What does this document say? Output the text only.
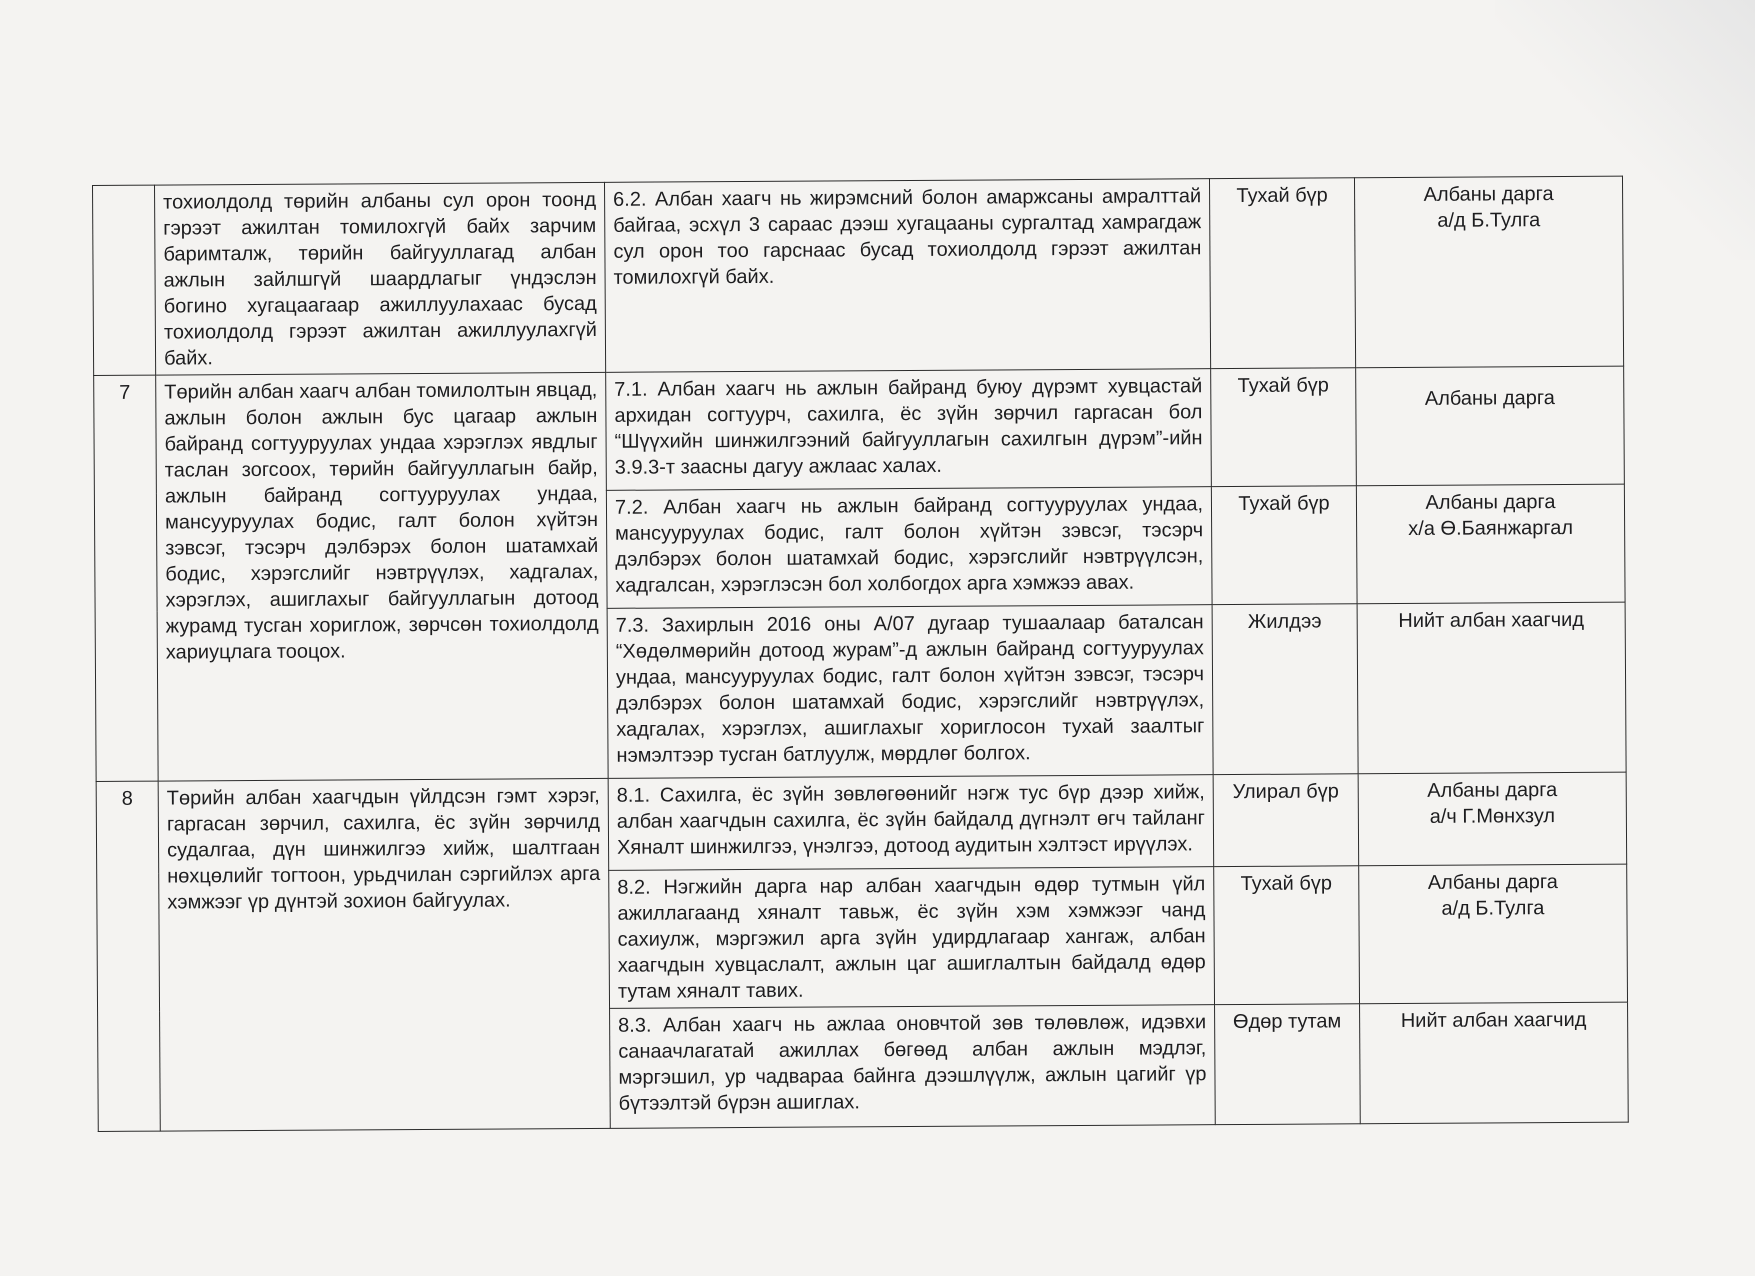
	тохиолдолд төрийн албаны сул орон тоонд гэрээт ажилтан томилохгүй байх зарчим баримталж, төрийн байгууллагад албан ажлын зайлшгүй шаардлагыг үндэслэн богино хугацаагаар ажиллуулахаас бусад тохиолдолд гэрээт ажилтан ажиллуулахгүй байх.	6.2. Албан хаагч нь жирэмсний болон амаржсаны амралттай байгаа, эсхүл 3 сараас дээш хугацааны сургалтад хамрагдаж сул орон тоо гарснаас бусад тохиолдолд гэрээт ажилтан томилохгүй байх.	Тухай бүр	Албаны дарга
а/д Б.Тулга

7	Төрийн албан хаагч албан томилолтын явцад, ажлын болон ажлын бус цагаар ажлын байранд согтууруулах ундаа хэрэглэх явдлыг таслан зогсоох, төрийн байгууллагын байр, ажлын байранд согтууруулах ундаа, мансууруулах бодис, галт болон хүйтэн зэвсэг, тэсэрч дэлбэрэх болон шатамхай бодис, хэрэгслийг нэвтрүүлэх, хадгалах, хэрэглэх, ашиглахыг байгууллагын дотоод журамд тусган хориглож, зөрчсөн тохиолдолд хариуцлага тооцох.	7.1. Албан хаагч нь ажлын байранд буюу дүрэмт хувцастай архидан согтуурч, сахилга, ёс зүйн зөрчил гаргасан бол “Шүүхийн шинжилгээний байгууллагын сахилгын дүрэм”-ийн 3.9.3-т заасны дагуу ажлаас халах.	Тухай бүр	Албаны дарга

		7.2. Албан хаагч нь ажлын байранд согтууруулах ундаа, мансууруулах бодис, галт болон хүйтэн зэвсэг, тэсэрч дэлбэрэх болон шатамхай бодис, хэрэгслийг нэвтрүүлсэн, хадгалсан, хэрэглэсэн бол холбогдох арга хэмжээ авах.	Тухай бүр	Албаны дарга
х/а Ө.Баянжаргал

		7.3. Захирлын 2016 оны А/07 дугаар тушаалаар баталсан “Хөдөлмөрийн дотоод журам”-д ажлын байранд согтууруулах ундаа, мансууруулах бодис, галт болон хүйтэн зэвсэг, тэсэрч дэлбэрэх болон шатамхай бодис, хэрэгслийг нэвтрүүлэх, хадгалах, хэрэглэх, ашиглахыг хориглосон тухай заалтыг нэмэлтээр тусган батлуулж, мөрдлөг болгох.	Жилдээ	Нийт албан хаагчид

8	Төрийн албан хаагчдын үйлдсэн гэмт хэрэг, гаргасан зөрчил, сахилга, ёс зүйн зөрчилд судалгаа, дүн шинжилгээ хийж, шалтгаан нөхцөлийг тогтоон, урьдчилан сэргийлэх арга хэмжээг үр дүнтэй зохион байгуулах.	8.1. Сахилга, ёс зүйн зөвлөгөөнийг нэгж тус бүр дээр хийж, албан хаагчдын сахилга, ёс зүйн байдалд дүгнэлт өгч тайланг Хяналт шинжилгээ, үнэлгээ, дотоод аудитын хэлтэст ирүүлэх.	Улирал бүр	Албаны дарга
а/ч Г.Мөнхзул

		8.2. Нэгжийн дарга нар албан хаагчдын өдөр тутмын үйл ажиллагаанд хяналт тавьж, ёс зүйн хэм хэмжээг чанд сахиулж, мэргэжил арга зүйн удирдлагаар хангаж, албан хаагчдын хувцаслалт, ажлын цаг ашиглалтын байдалд өдөр тутам хяналт тавих.	Тухай бүр	Албаны дарга
а/д Б.Тулга

		8.3. Албан хаагч нь ажлаа оновчтой зөв төлөвлөж, идэвхи санаачлагатай ажиллах бөгөөд албан ажлын мэдлэг, мэргэшил, ур чадвараа байнга дээшлүүлж, ажлын цагийг үр бүтээлтэй бүрэн ашиглах.	Өдөр тутам	Нийт албан хаагчид
